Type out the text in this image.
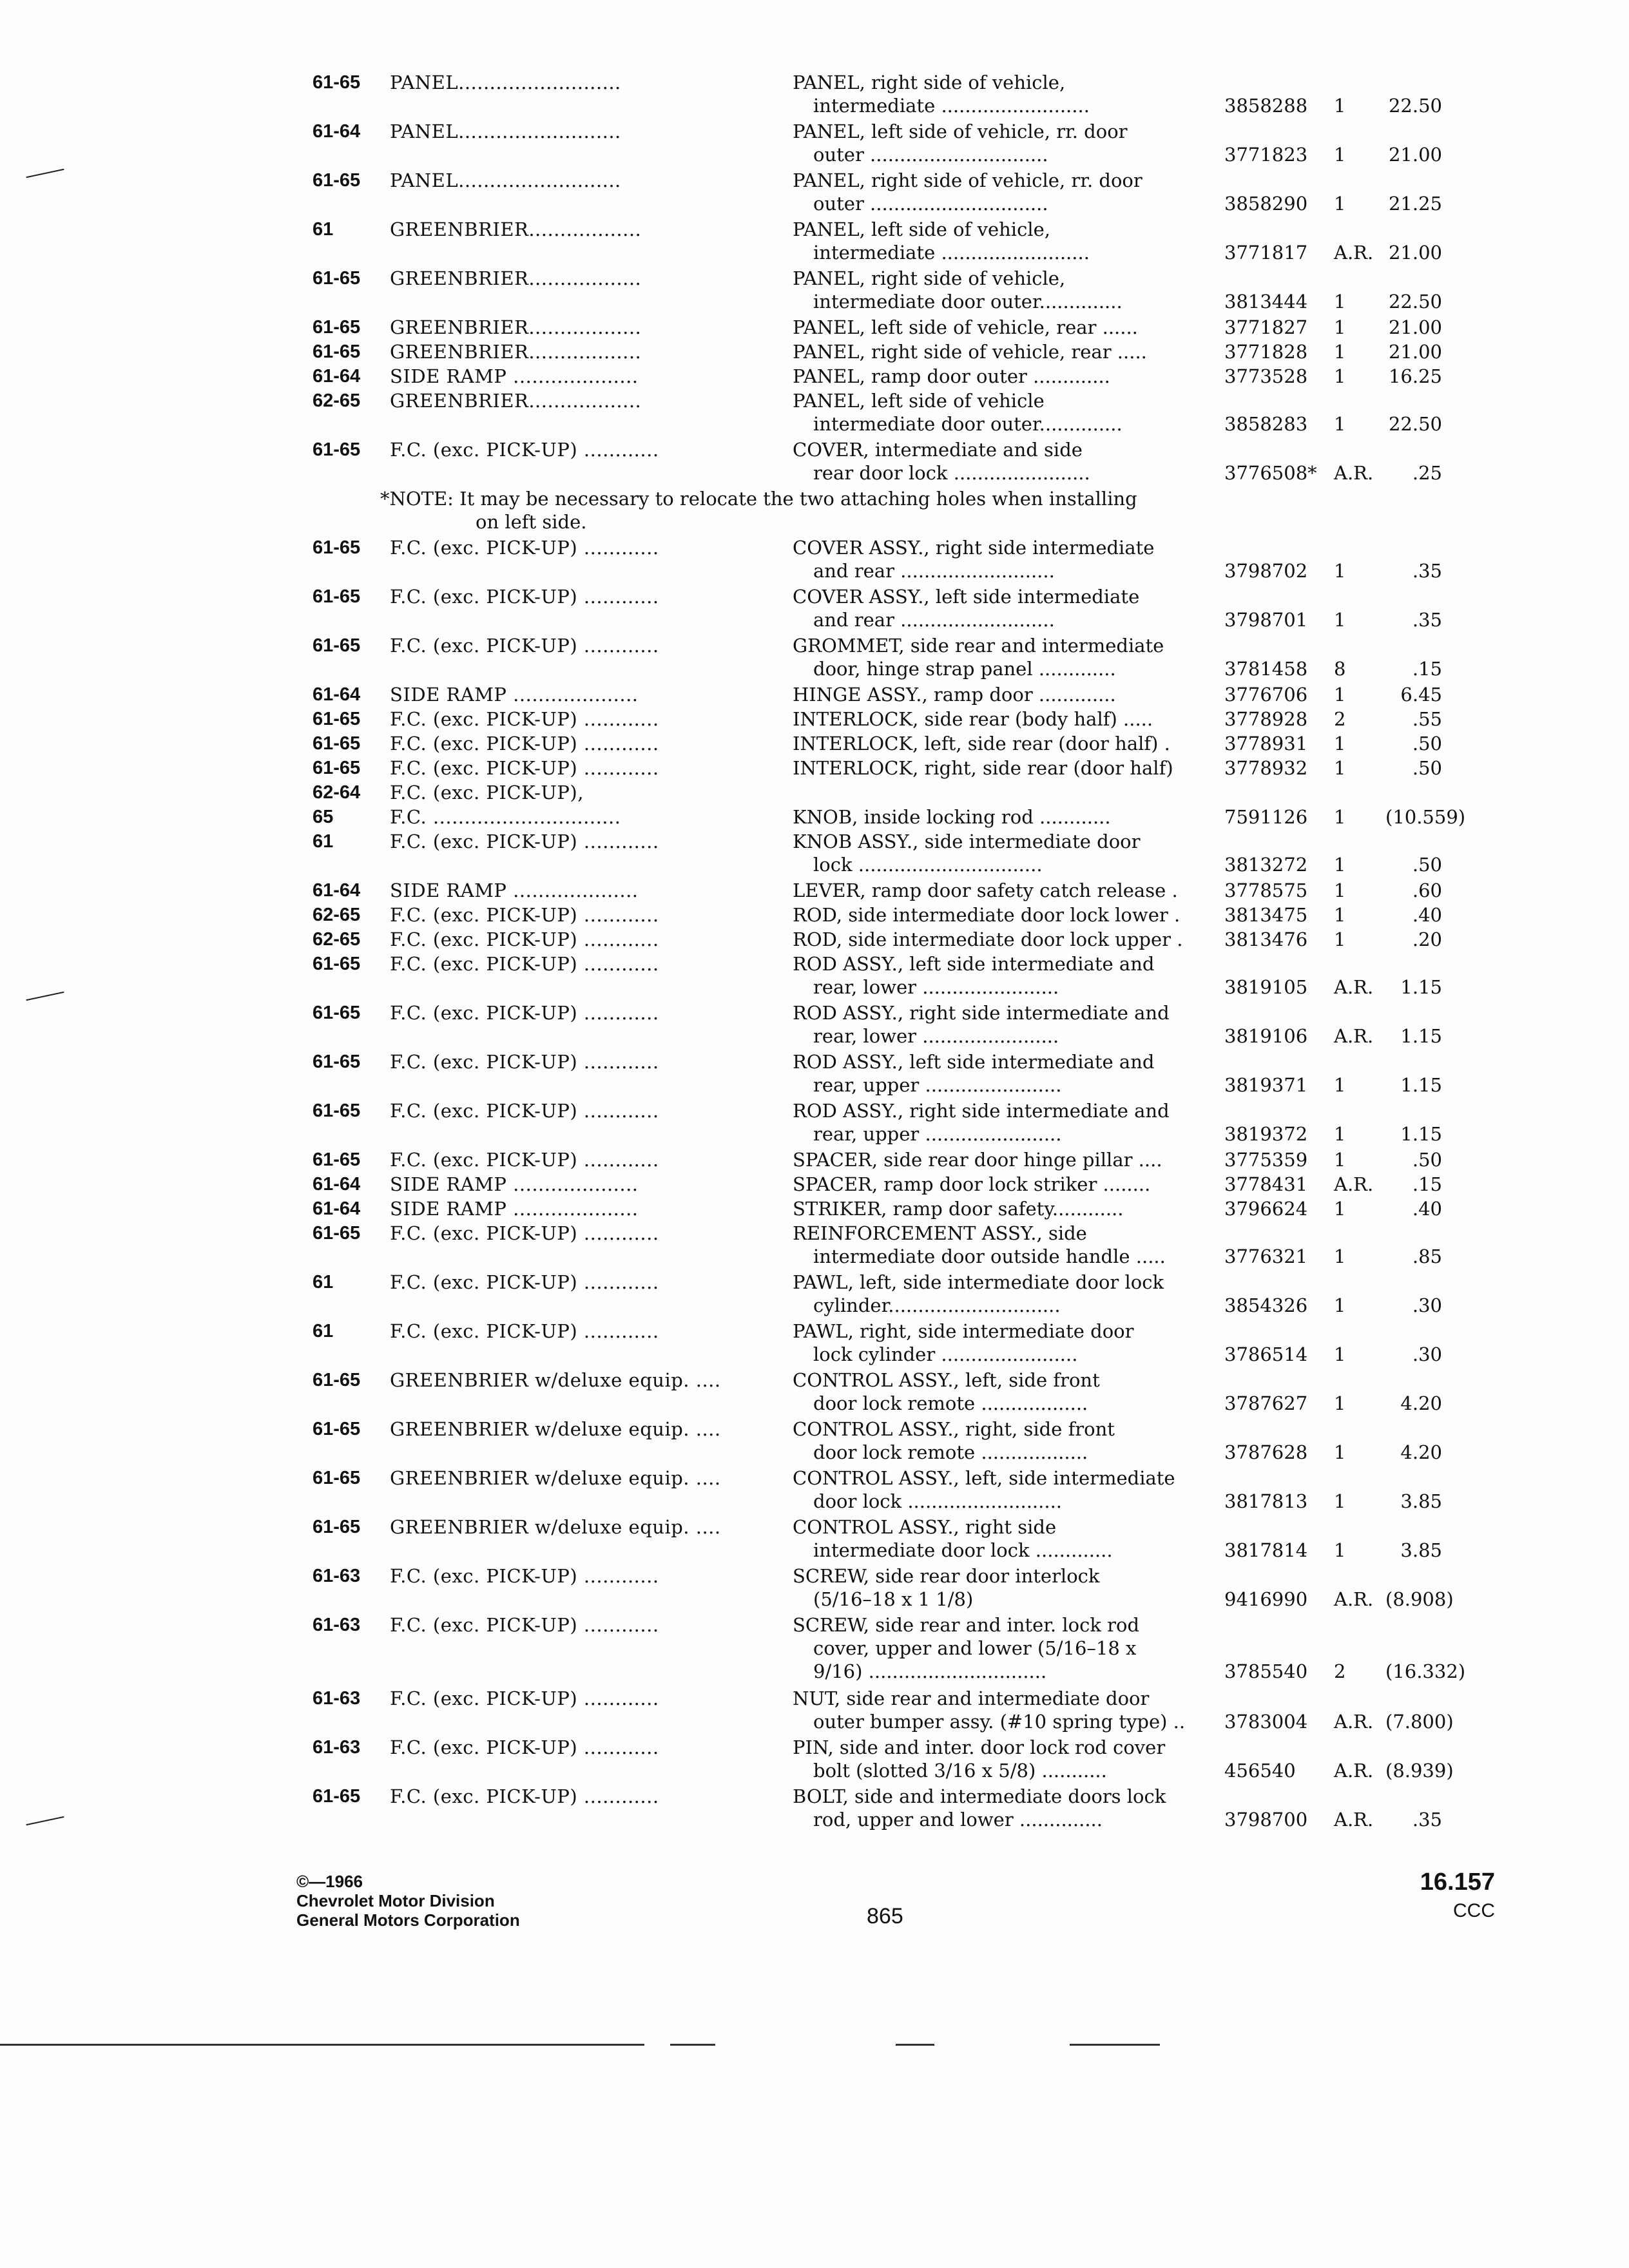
61-65 PANEL..........................	PANEL, right side of vehicle,
intermediate .........................	3858288 1 22.50
61-64 PANEL..........................	PANEL, left side of vehicle, rr. door
outer ..............................	3771823 1 21.00
61-65 PANEL..........................	PANEL, right side of vehicle, rr. door
outer ..............................	3858290 1 21.25
61	GREENBRIER..................	PANEL, left side of vehicle,
intermediate .........................	3771817 A.R. 21.00
61-65 GREENBRIER..................	PANEL, right side of vehicle,
intermediate door outer..............	3813444 1 22.50
61-65 GREENBRIER..................	PANEL, left side of vehicle, rear ......	3771827 1 21.00
61-65 GREENBRIER..................	PANEL, right side of vehicle, rear .....	3771828 1 21.00
61-64 SIDE RAMP ....................	PANEL, ramp door outer .............	3773528 1 16.25
62-65 GREENBRIER..................	PANEL, left side of vehicle
intermediate door outer..............	3858283 1 22.50
61-65 F.C. (exc. PICK-UP) ............	COVER, intermediate and side
rear door lock .......................	3776508* A.R.	.25
*NOTE: It may be necessary to relocate the two attaching holes when installing
on left side.
61-65 F.C. (exc. PICK-UP) ............	COVER ASSY., right side intermediate
and rear ..........................	3798702 1	.35
61-65 F.C. (exc. PICK-UP) ............	COVER ASSY., left side intermediate
and rear ..........................	3798701 1	.35
61-65 F.C. (exc. PICK-UP) ............	GROMMET, side rear and intermediate
door, hinge strap panel .............	3781458 8	.15
61-64 SIDE RAMP ....................	HINGE ASSY., ramp door .............	3776706 1	6.45
61-65 F.C. (exc. PICK-UP) ............	INTERLOCK, side rear (body half) .....	3778928 2	.55
61-65 F.C. (exc. PICK-UP) ............	INTERLOCK, left, side rear (door half) .	3778931 1	.50
61-65 F.C. (exc. PICK-UP) ............	INTERLOCK, right, side rear (door half)	3778932 1	.50
62-64 F.C. (exc. PICK-UP),
65	F.C. ..............................	KNOB, inside locking rod ............	7591126 1 (10.559)
61	F.C. (exc. PICK-UP) ............	KNOB ASSY., side intermediate door
lock ...............................	3813272 1	.50
61-64 SIDE RAMP ....................	LEVER, ramp door safety catch release . 3778575 1	.60
62-65 F.C. (exc. PICK-UP) ............	ROD, side intermediate door lock lower . 3813475 1	.40
62-65 F.C. (exc. PICK-UP) ............	ROD, side intermediate door lock upper . 3813476 1	.20
61-65 F.C. (exc. PICK-UP) ............	ROD ASSY., left side intermediate and
rear, lower .......................	3819105 A.R.	1.15
61-65 F.C. (exc. PICK-UP) ............	ROD ASSY., right side intermediate and
rear, lower .......................	3819106 A.R.	1.15
61-65 F.C. (exc. PICK-UP) ............	ROD ASSY., left side intermediate and
rear, upper .......................	3819371 1	1.15
61-65 F.C. (exc. PICK-UP) ............	ROD ASSY., right side intermediate and
rear, upper .......................	3819372 1	1.15
61-65 F.C. (exc. PICK-UP) ............	SPACER, side rear door hinge pillar ....	3775359 1	.50
61-64 SIDE RAMP ....................	SPACER, ramp door lock striker ........	3778431 A.R.	.15
61-64 SIDE RAMP ....................	STRIKER, ramp door safety............	3796624 1	.40
61-65 F.C. (exc. PICK-UP) ............	REINFORCEMENT ASSY., side
intermediate door outside handle .....	3776321 1	.85
61	F.C. (exc. PICK-UP) ............	PAWL, left, side intermediate door lock
cylinder.............................	3854326 1	.30
61	F.C. (exc. PICK-UP) ............	PAWL, right, side intermediate door
lock cylinder .......................	3786514 1	.30
61-65 GREENBRIER w/deluxe equip. ....	CONTROL ASSY., left, side front
door lock remote ..................	3787627 1	4.20
61-65 GREENBRIER w/deluxe equip. ....	CONTROL ASSY., right, side front
door lock remote ..................	3787628 1	4.20
61-65 GREENBRIER w/deluxe equip. ....	CONTROL ASSY., left, side intermediate
door lock ..........................	3817813 1	3.85
61-65 GREENBRIER w/deluxe equip. ....	CONTROL ASSY., right side
intermediate door lock .............	3817814 1	3.85
61-63 F.C. (exc. PICK-UP) ............	SCREW, side rear door interlock
(5/16–18 x 1 1/8)	9416990 A.R. (8.908)
61-63 F.C. (exc. PICK-UP) ............	SCREW, side rear and inter. lock rod
cover, upper and lower (5/16–18 x
9/16) ..............................	3785540 2 (16.332)
61-63 F.C. (exc. PICK-UP) ............	NUT, side rear and intermediate door
outer bumper assy. (#10 spring type) .. 3783004 A.R. (7.800)
61-63 F.C. (exc. PICK-UP) ............	PIN, side and inter. door lock rod cover
bolt (slotted 3/16 x 5/8) ...........	456540 A.R. (8.939)
61-65 F.C. (exc. PICK-UP) ............	BOLT, side and intermediate doors lock
rod, upper and lower ..............	3798700 A.R.	.35
©—1966
Chevrolet Motor Division
General Motors Corporation	865
16.157
CCC
